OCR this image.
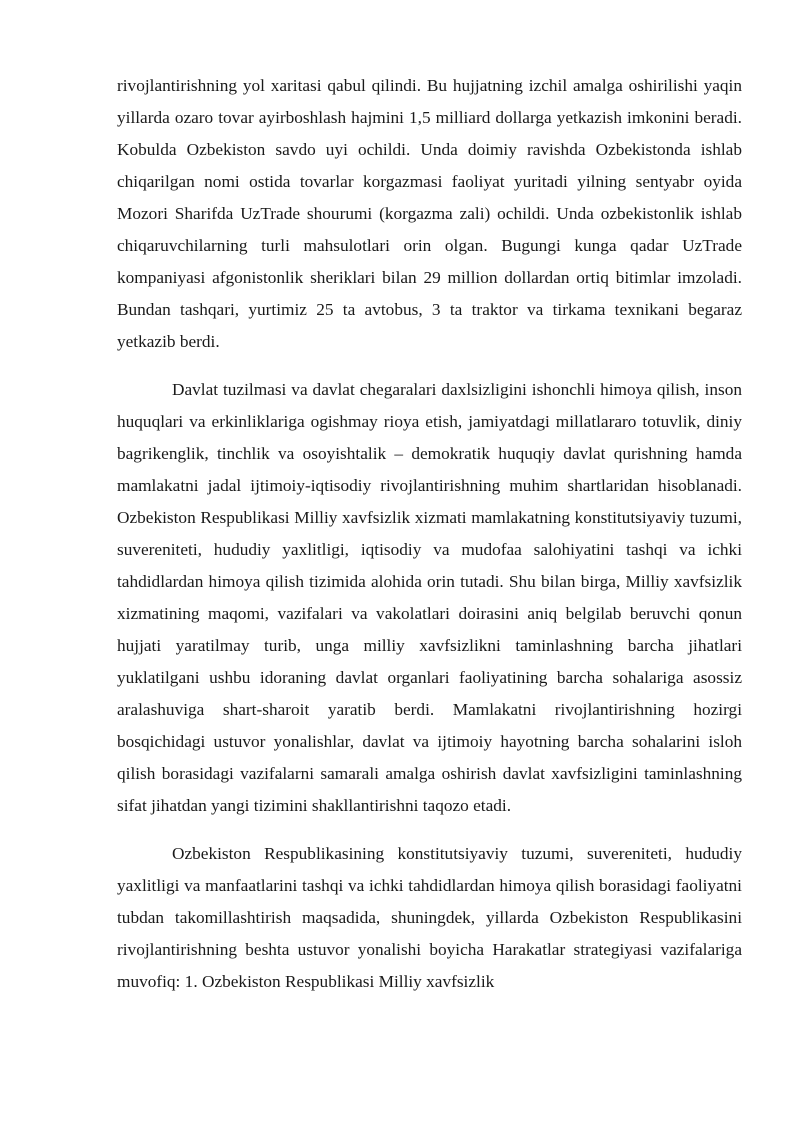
rivojlantirishning yol xaritasi qabul qilindi. Bu hujjatning izchil amalga oshirilishi yaqin yillarda ozaro tovar ayirboshlash hajmini 1,5 milliard dollarga yetkazish imkonini beradi. Kobulda Ozbekiston savdo uyi ochildi. Unda doimiy ravishda Ozbekistonda ishlab chiqarilgan nomi ostida tovarlar korgazmasi faoliyat yuritadi yilning sentyabr oyida Mozori Sharifda UzTrade shourumi (korgazma zali) ochildi. Unda ozbekistonlik ishlab chiqaruvchilarning turli mahsulotlari orin olgan. Bugungi kunga qadar UzTrade kompaniyasi afgonistonlik sheriklari bilan 29 million dollardan ortiq bitimlar imzoladi. Bundan tashqari, yurtimiz 25 ta avtobus, 3 ta traktor va tirkama texnikani begaraz yetkazib berdi.

Davlat tuzilmasi va davlat chegaralari daxlsizligini ishonchli himoya qilish, inson huquqlari va erkinliklariga ogishmay rioya etish, jamiyatdagi millatlararo totuvlik, diniy bagrikenglik, tinchlik va osoyishtalik – demokratik huquqiy davlat qurishning hamda mamlakatni jadal ijtimoiy-iqtisodiy rivojlantirishning muhim shartlaridan hisoblanadi. Ozbekiston Respublikasi Milliy xavfsizlik xizmati mamlakatning konstitutsiyaviy tuzumi, suvereniteti, hududiy yaxlitligi, iqtisodiy va mudofaa salohiyatini tashqi va ichki tahdidlardan himoya qilish tizimida alohida orin tutadi. Shu bilan birga, Milliy xavfsizlik xizmatining maqomi, vazifalari va vakolatlari doirasini aniq belgilab beruvchi qonun hujjati yaratilmay turib, unga milliy xavfsizlikni taminlashning barcha jihatlari yuklatilgani ushbu idoraning davlat organlari faoliyatining barcha sohalariga asossiz aralashuviga shart-sharoit yaratib berdi. Mamlakatni rivojlantirishning hozirgi bosqichidagi ustuvor yonalishlar, davlat va ijtimoiy hayotning barcha sohalarini isloh qilish borasidagi vazifalarni samarali amalga oshirish davlat xavfsizligini taminlashning sifat jihatdan yangi tizimini shakllantirishni taqozo etadi.

Ozbekiston Respublikasining konstitutsiyaviy tuzumi, suvereniteti, hududiy yaxlitligi va manfaatlarini tashqi va ichki tahdidlardan himoya qilish borasidagi faoliyatni tubdan takomillashtirish maqsadida, shuningdek, yillarda Ozbekiston Respublikasini rivojlantirishning beshta ustuvor yonalishi boyicha Harakatlar strategiyasi vazifalariga muvofiq: 1. Ozbekiston Respublikasi Milliy xavfsizlik
